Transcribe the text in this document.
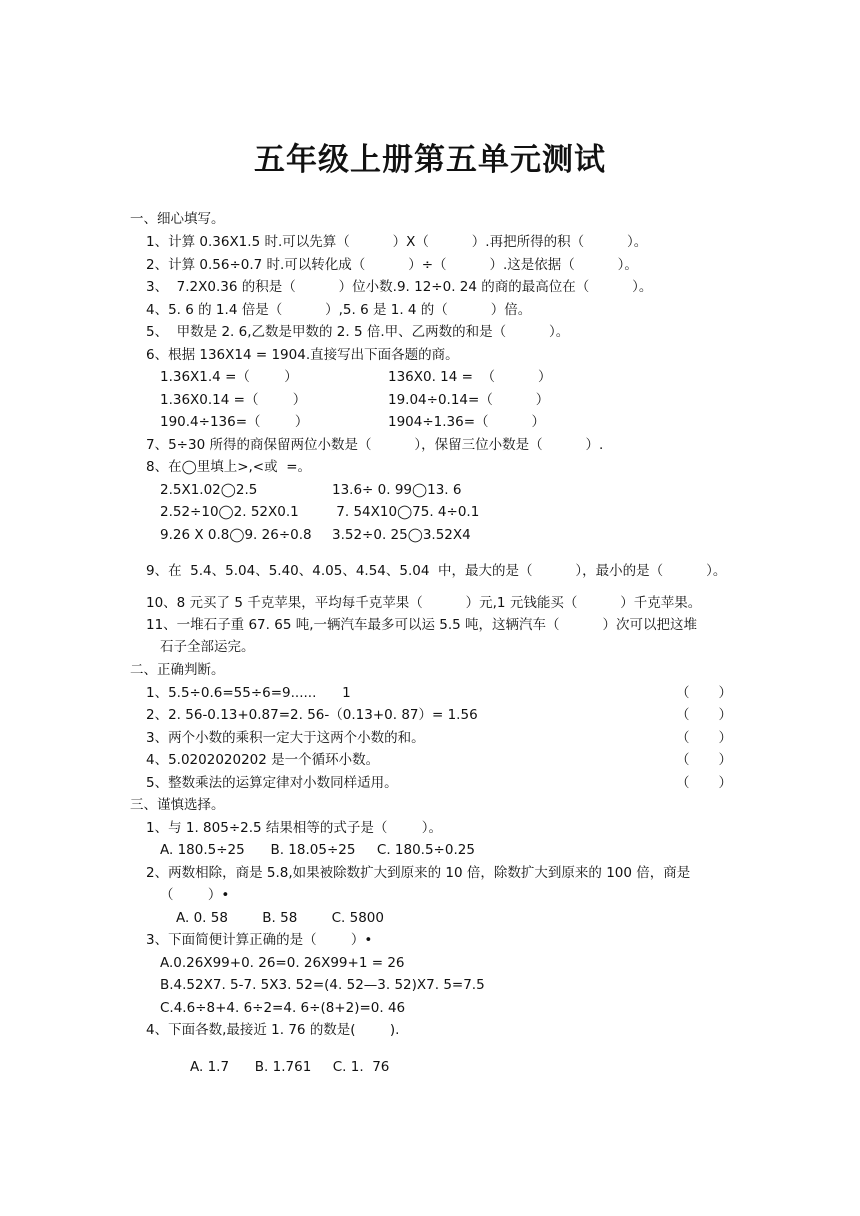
五年级上册第五单元测试
一、细心填写。
1、计算 0.36X1.5 时.可以先算（          ）X（          ）.再把所得的积（          ）。
2、计算 0.56÷0.7 时.可以转化成（          ）÷（          ）.这是依据（          ）。
3、  7.2X0.36 的积是（          ）位小数.9. 12÷0. 24 的商的最高位在（          ）。
4、5. 6 的 1.4 倍是（          ）,5. 6 是 1. 4 的（          ）倍。
5、  甲数是 2. 6,乙数是甲数的 2. 5 倍.甲、乙两数的和是（          ）。
6、根据 136X14 = 1904.直接写出下面各题的商。
1.36X1.4 =（        ）	136X0. 14 =  （          ）
1.36X0.14 =（        ）	19.04÷0.14=（          ）
190.4÷136=（        ）	1904÷1.36=（          ）
7、5÷30 所得的商保留两位小数是（          ），保留三位小数是（          ）.
8、在◯里填上>,<或  =。
2.5X1.02◯2.5	13.6÷ 0. 99◯13. 6
2.52÷10◯2. 52X0.1 7. 54X10◯75. 4÷0.1
9.26 X 0.8◯9. 26÷0.8 3.52÷0. 25◯3.52X4
9、在  5.4、5.04、5.40、4.05、4.54、5.04  中，最大的是（          ），最小的是（          ）。
10、8 元买了 5 千克苹果，平均每千克苹果（          ）元,1 元钱能买（          ）千克苹果。
11、一堆石子重 67. 65 吨,一辆汽车最多可以运 5.5 吨，这辆汽车（          ）次可以把这堆
石子全部运完。
二、正确判断。
1、5.5÷0.6=55÷6=9......      1	（ ）
2、2. 56-0.13+0.87=2. 56-（0.13+0. 87）= 1.56	（ ）
3、两个小数的乘积一定大于这两个小数的和。	（ ）
4、5.0202020202 是一个循环小数。	（ ）
5、整数乘法的运算定律对小数同样适用。	（ ）
三、谨慎选择。
1、与 1. 805÷2.5 结果相等的式子是（        ）。
A. 180.5÷25      B. 18.05÷25     C. 180.5÷0.25
2、两数相除，商是 5.8,如果被除数扩大到原来的 10 倍，除数扩大到原来的 100 倍，商是
（        ）•
A. 0. 58        B. 58        C. 5800
3、下面简便计算正确的是（        ）•
A.0.26X99+0. 26=0. 26X99+1 = 26
B.4.52X7. 5-7. 5X3. 52=(4. 52—3. 52)X7. 5=7.5
C.4.6÷8+4. 6÷2=4. 6÷(8+2)=0. 46
4、下面各数,最接近 1. 76 的数是(        ).
A. 1.7      B. 1.761     C. 1.  76
